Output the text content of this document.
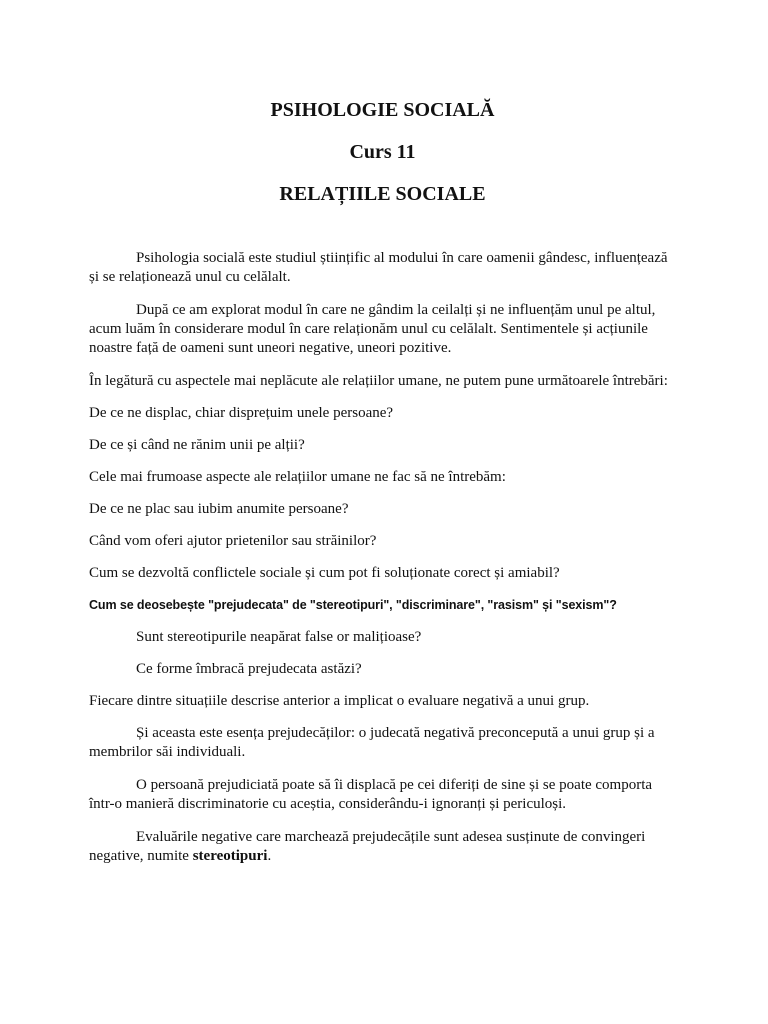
PSIHOLOGIE SOCIALĂ
Curs 11
RELAȚIILE SOCIALE

Psihologia socială este studiul științific al modului în care oamenii gândesc, influențează și se relaționează unul cu celălalt.

După ce am explorat modul în care ne gândim la ceilalți și ne influențăm unul pe altul, acum luăm în considerare modul în care relaționăm unul cu celălalt. Sentimentele și acțiunile noastre față de oameni sunt uneori negative, uneori pozitive.

În legătură cu aspectele mai neplăcute ale relațiilor umane, ne putem pune următoarele întrebări:

De ce ne displac, chiar disprețuim unele persoane?

De ce și când ne rănim unii pe alții?

Cele mai frumoase aspecte ale relațiilor umane ne fac să ne întrebăm:

De ce ne plac sau iubim anumite persoane?

Când vom oferi ajutor prietenilor sau străinilor?

Cum se dezvoltă conflictele sociale și cum pot fi soluționate corect și amiabil?

Cum se deosebește "prejudecata" de "stereotipuri", "discriminare", "rasism" și "sexism"?

Sunt stereotipurile neapărat false or malițioase?

Ce forme îmbracă prejudecata astăzi?

Fiecare dintre situațiile descrise anterior a implicat o evaluare negativă a unui grup.

Și aceasta este esența prejudecăților: o judecată negativă preconcepută a unui grup și a membrilor săi individuali.

O persoană prejudiciată poate să îi displacă pe cei diferiți de sine și se poate comporta într-o manieră discriminatorie cu aceștia, considerându-i ignoranți și periculoși.

Evaluările negative care marchează prejudecățile sunt adesea susținute de convingeri negative, numite stereotipuri.
